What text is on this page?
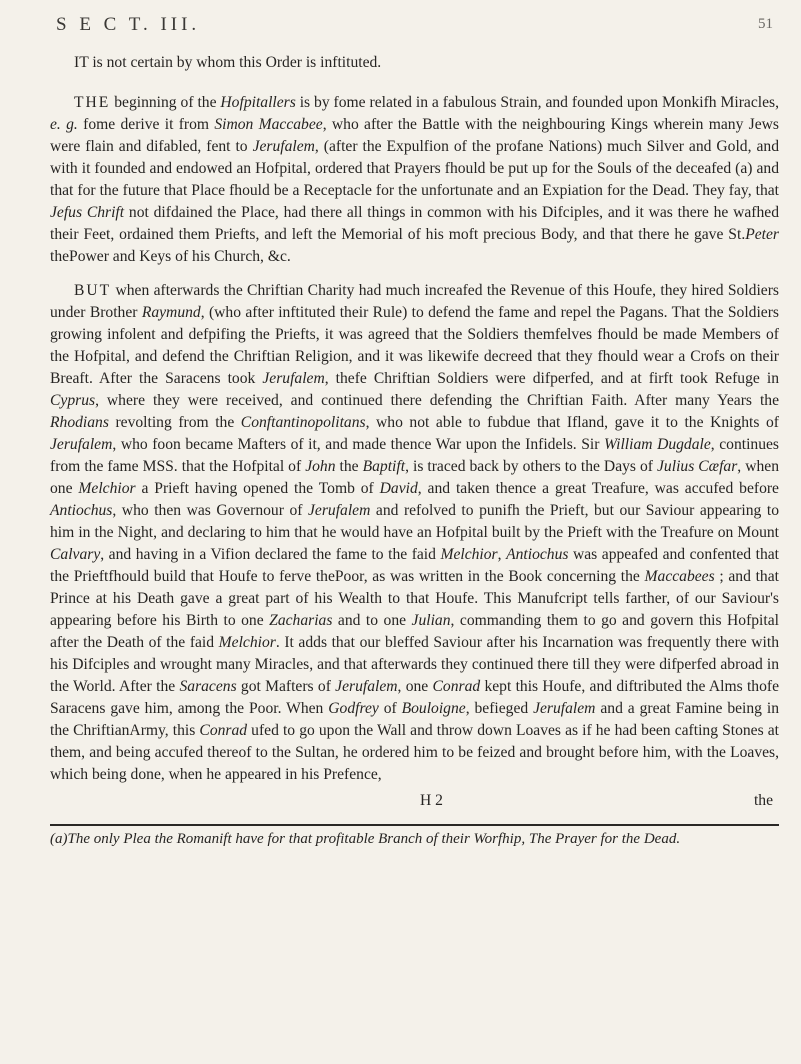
S E C T. III.	51

IT is not certain by whom this Order is inftituted.

THE beginning of the Hofpitallers is by fome related in a fabulous Strain, and founded upon Monkifh Miracles, e. g. fome derive it from Simon Maccabee, who after the Battle with the neighbouring Kings wherein many Jews were flain and difabled, fent to Jerufalem, (after the Expulfion of the profane Nations) much Silver and Gold, and with it founded and endowed an Hofpital, ordered that Prayers fhould be put up for the Souls of the deceafed (a) and that for the future that Place fhould be a Receptacle for the unfortunate and an Expiation for the Dead. They fay, that Jefus Chrift not difdained the Place, had there all things in common with his Difciples, and it was there he wafhed their Feet, ordained them Priefts, and left the Memorial of his moft precious Body, and that there he gave St.Peter thePower and Keys of his Church, &c.

BUT when afterwards the Chriftian Charity had much increafed the Revenue of this Houfe, they hired Soldiers under Brother Raymund, (who after inftituted their Rule) to defend the fame and repel the Pagans. That the Soldiers growing infolent and defpifing the Priefts, it was agreed that the Soldiers themfelves fhould be made Members of the Hofpital, and defend the Chriftian Religion, and it was likewife decreed that they fhould wear a Crofs on their Breaft. After the Saracens took Jerufalem, thefe Chriftian Soldiers were difperfed, and at firft took Refuge in Cyprus, where they were received, and continued there defending the Chriftian Faith. After many Years the Rhodians revolting from the Conftantinopolitans, who not able to fubdue that Ifland, gave it to the Knights of Jerufalem, who foon became Mafters of it, and made thence War upon the Infidels. Sir William Dugdale, continues from the fame MSS. that the Hofpital of John the Baptift, is traced back by others to the Days of Julius Cæfar, when one Melchior a Prieft having opened the Tomb of David, and taken thence a great Treafure, was accufed before Antiochus, who then was Governour of Jerufalem and refolved to punifh the Prieft, but our Saviour appearing to him in the Night, and declaring to him that he would have an Hofpital built by the Prieft with the Treafure on Mount Calvary, and having in a Vifion declared the fame to the faid Melchior, Antiochus was appeafed and confented that the Prieftfhould build that Houfe to ferve thePoor, as was written in the Book concerning the Maccabees ; and that Prince at his Death gave a great part of his Wealth to that Houfe. This Manufcript tells farther, of our Saviour's appearing before his Birth to one Zacharias and to one Julian, commanding them to go and govern this Hofpital after the Death of the faid Melchior. It adds that our bleffed Saviour after his Incarnation was frequently there with his Difciples and wrought many Miracles, and that afterwards they continued there till they were difperfed abroad in the World. After the Saracens got Mafters of Jerufalem, one Conrad kept this Houfe, and diftributed the Alms thofe Saracens gave him, among the Poor. When Godfrey of Bouloigne, befieged Jerufalem and a great Famine being in the ChriftianArmy, this Conrad ufed to go upon the Wall and throw down Loaves as if he had been cafting Stones at them, and being accufed thereof to the Sultan, he ordered him to be feized and brought before him, with the Loaves, which being done, when he appeared in his Prefence,

H 2	the

(a)The only Plea the Romanift have for that profitable Branch of their Worfhip, The Prayer for the Dead.
